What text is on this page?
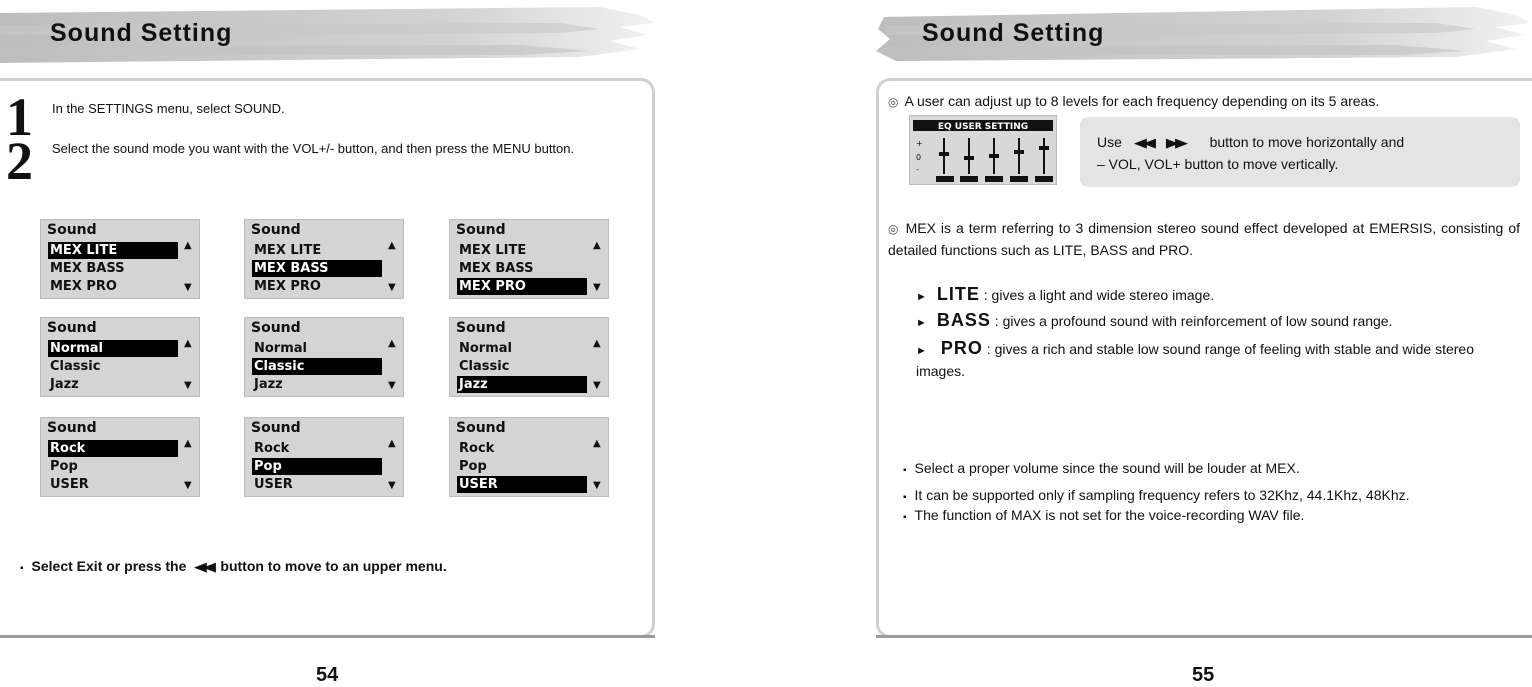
Sound Setting
1 In the SETTINGS menu, select SOUND.
2 Select the sound mode you want with the VOL+/- button, and then press the MENU button.
Sound
MEX LITE
MEX BASS
MEX PRO
▲
▼
Sound
MEX LITE
MEX BASS
MEX PRO
▲
▼
Sound
MEX LITE
MEX BASS
MEX PRO
▲
▼
Sound
Normal
Classic
Jazz
▲
▼
Sound
Normal
Classic
Jazz
▲
▼
Sound
Normal
Classic
Jazz
▲
▼
Sound
Rock
Pop
USER
▲
▼
Sound
Rock
Pop
USER
▲
▼
Sound
Rock
Pop
USER
▲
▼
▪ Select Exit or press the ◀◀ button to move to an upper menu.
54
Sound Setting
◎ A user can adjust up to 8 levels for each frequency depending on its 5 areas.
EQ USER SETTING
+
0
-
Use ◀◀ ▶▶ button to move horizontally and
– VOL, VOL+ button to move vertically.
◎ MEX is a term referring to 3 dimension stereo sound effect developed at EMERSIS, consisting of detailed functions such as LITE, BASS and PRO.
► LITE : gives a light and wide stereo image.
► BASS : gives a profound sound with reinforcement of low sound range.
► PRO : gives a rich and stable low sound range of feeling with stable and wide stereo images.
▪ Select a proper volume since the sound will be louder at MEX.
▪ It can be supported only if sampling frequency refers to 32Khz, 44.1Khz, 48Khz.
▪ The function of MAX is not set for the voice-recording WAV file.
55
